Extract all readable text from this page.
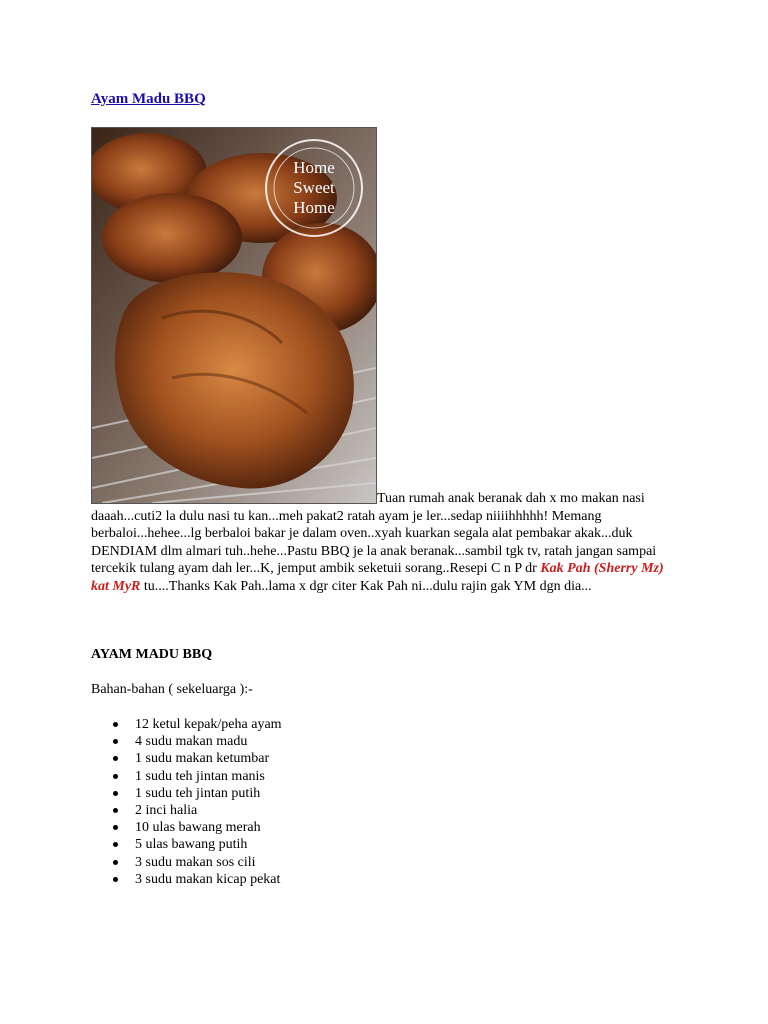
Ayam Madu BBQ
Home
Sweet
Home
Tuan rumah anak beranak dah x mo makan nasi daaah...cuti2 la dulu nasi tu kan...meh pakat2 ratah ayam je ler...sedap niiiihhhhh! Memang berbaloi...hehee...lg berbaloi bakar je dalam oven..xyah kuarkan segala alat pembakar akak...duk DENDIAM dlm almari tuh..hehe...Pastu BBQ je la anak beranak...sambil tgk tv, ratah jangan sampai tercekik tulang ayam dah ler...K, jemput ambik seketuii sorang..Resepi C n P dr Kak Pah (Sherry Mz) kat MyR tu....Thanks Kak Pah..lama x dgr citer Kak Pah ni...dulu rajin gak YM dgn dia...
AYAM MADU BBQ
Bahan-bahan ( sekeluarga ):-
12 ketul kepak/peha ayam
4 sudu makan madu
1 sudu makan ketumbar
1 sudu teh jintan manis
1 sudu teh jintan putih
2 inci halia
10 ulas bawang merah
5 ulas bawang putih
3 sudu makan sos cili
3 sudu makan kicap pekat
